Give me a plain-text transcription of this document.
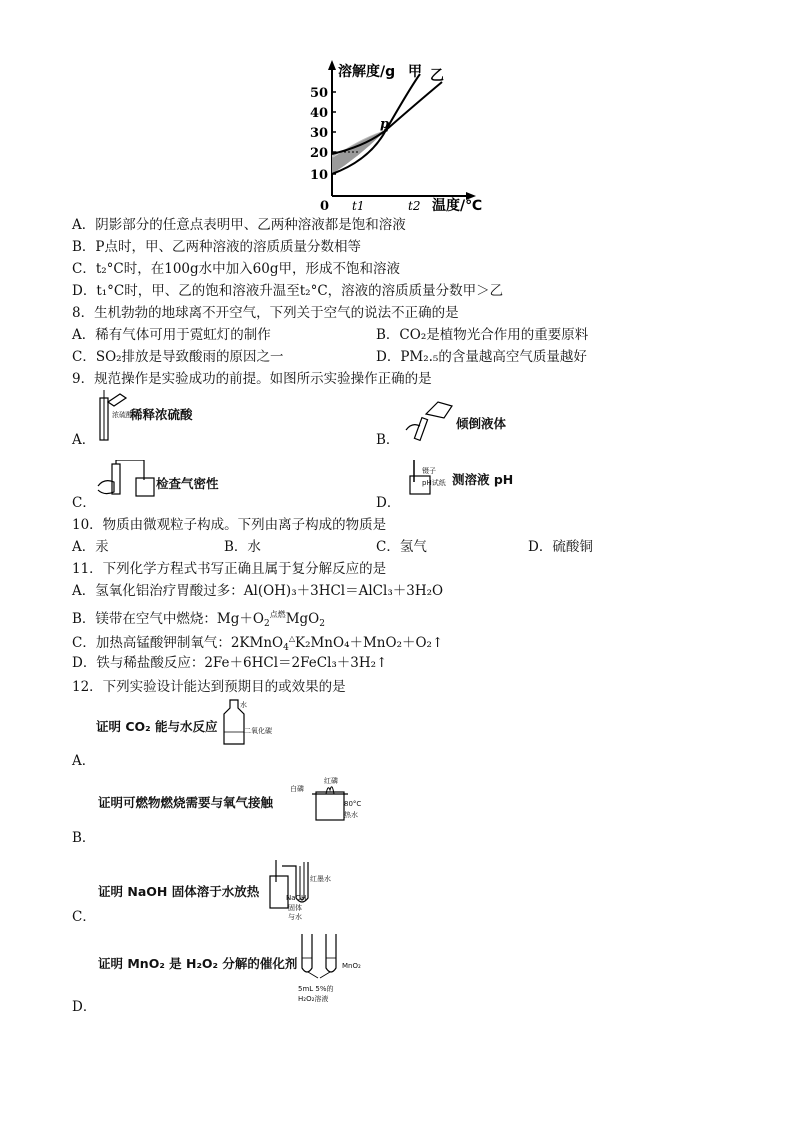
溶解度/g 甲 乙
50
40
30
20
10
0
p
t1	t2 温度/℃
A．阴影部分的任意点表明甲、乙两种溶液都是饱和溶液
B．P点时，甲、乙两种溶液的溶质质量分数相等
C．t₂°C时，在100g水中加入60g甲，形成不饱和溶液
D．t₁°C时，甲、乙的饱和溶液升温至t₂°C，溶液的溶质质量分数甲＞乙
8．生机勃勃的地球离不开空气，下列关于空气的说法不正确的是
A．稀有气体可用于霓虹灯的制作	B．CO₂是植物光合作用的重要原料
C．SO₂排放是导致酸雨的原因之一	D．PM₂.₅的含量越高空气质量越好
9．规范操作是实验成功的前提。如图所示实验操作正确的是
浓硫酸
稀释浓硫酸
A．
倾倒液体
B．
检查气密性
C．
镊子
pH试纸 测溶液 pH
D．
10．物质由微观粒子构成。下列由离子构成的物质是
A．汞	B．水	C．氢气	D．硫酸铜
11．下列化学方程式书写正确且属于复分解反应的是
A．氢氧化铝治疗胃酸过多：Al(OH)₃＋3HCl＝AlCl₃＋3H₂O
B．镁带在空气中燃烧：$Mg+O_2^{点燃}MgO_2$
C．加热高锰酸钾制氧气：2KMnO$_4$△K₂MnO₄＋MnO₂＋O₂↑
D．铁与稀盐酸反应：2Fe＋6HCl＝2FeCl₃＋3H₂↑
12．下列实验设计能达到预期目的或效果的是
证明 CO₂ 能与水反应
水
二氧化碳
A．
证明可燃物燃烧需要与氧气接触
白磷
红磷
80°C
热水
B．
证明 NaOH 固体溶于水放热
红墨水
NaOH
固体
与水
C．
证明 MnO₂ 是 H₂O₂ 分解的催化剂	MnO₂
5mL 5%的
H₂O₂溶液
D．
